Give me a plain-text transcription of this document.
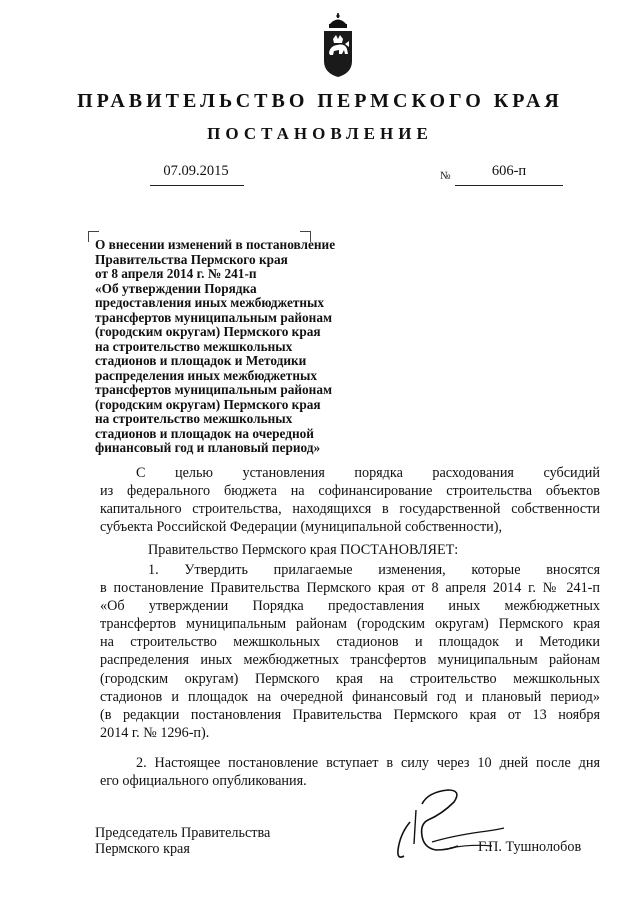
ПРАВИТЕЛЬСТВО ПЕРМСКОГО КРАЯ
ПОСТАНОВЛЕНИЕ
07.09.2015	№	606-п
О внесении изменений в постановление
Правительства Пермского края
от 8 апреля 2014 г. № 241-п
«Об утверждении Порядка
предоставления иных межбюджетных
трансфертов муниципальным районам
(городским округам) Пермского края
на строительство межшкольных
стадионов и площадок и Методики
распределения иных межбюджетных
трансфертов муниципальным районам
(городским округам) Пермского края
на строительство межшкольных
стадионов и площадок на очередной
финансовый год и плановый период»
С целью установления порядка расходования субсидий
из федерального бюджета на софинансирование строительства объектов
капитального строительства, находящихся в государственной собственности
субъекта Российской Федерации (муниципальной собственности),
Правительство Пермского края ПОСТАНОВЛЯЕТ:
1. Утвердить прилагаемые изменения, которые вносятся
в постановление Правительства Пермского края от 8 апреля 2014 г. № 241-п
«Об утверждении Порядка предоставления иных межбюджетных
трансфертов муниципальным районам (городским округам) Пермского края
на строительство межшкольных стадионов и площадок и Методики
распределения иных межбюджетных трансфертов муниципальным районам
(городским округам) Пермского края на строительство межшкольных
стадионов и площадок на очередной финансовый год и плановый период»
(в редакции постановления Правительства Пермского края от 13 ноября
2014 г. № 1296-п).
2. Настоящее постановление вступает в силу через 10 дней после дня
его официального опубликования.
Председатель Правительства
Пермского края	Г.П. Тушнолобов
